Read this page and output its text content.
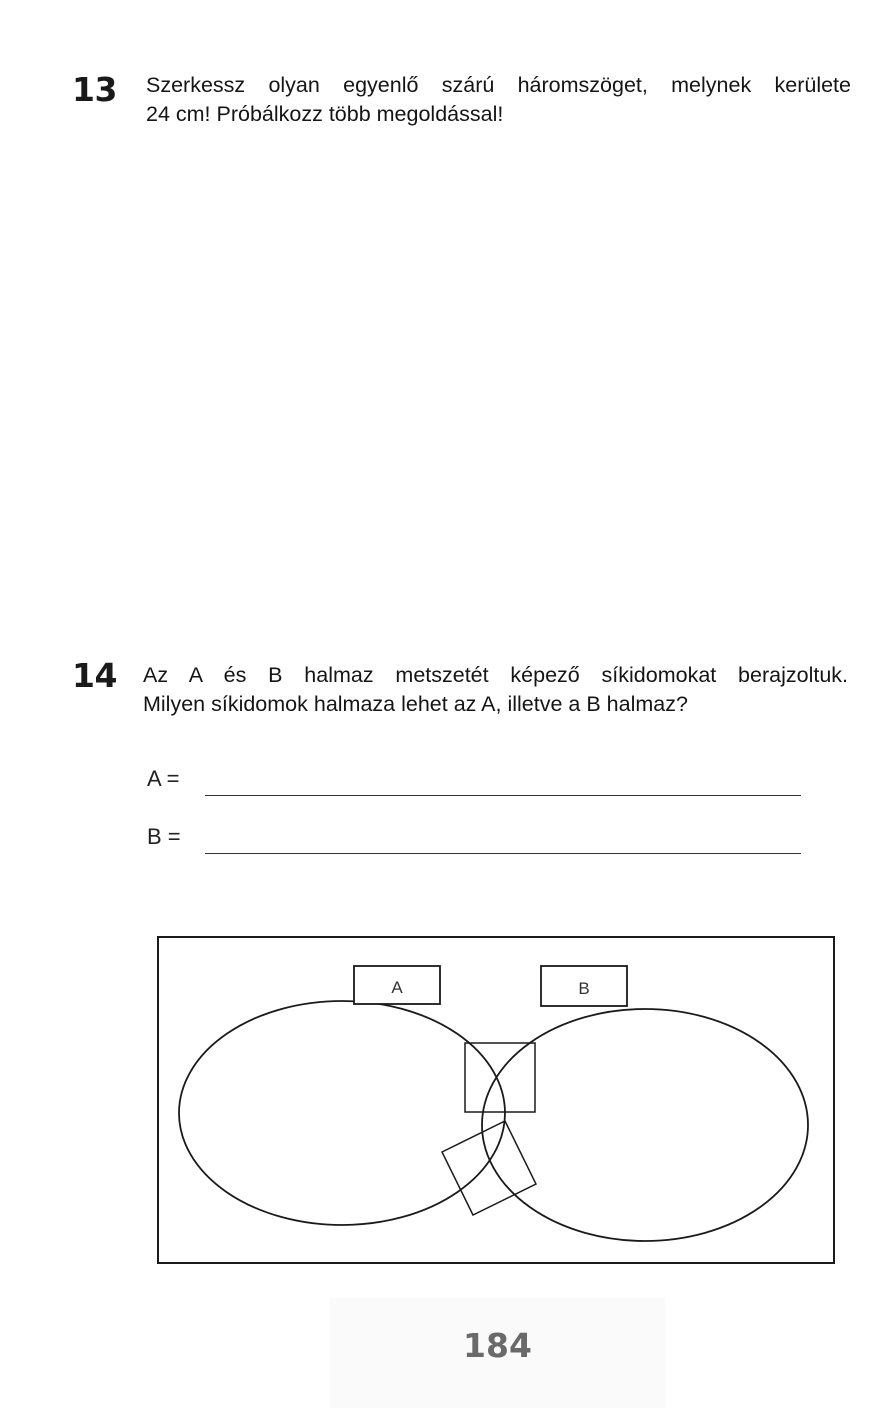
13 Szerkessz olyan egyenlő szárú háromszöget, melynek kerülete

24 cm! Próbálkozz több megoldással!

14 Az A és B halmaz metszetét képező síkidomokat berajzoltuk.

Milyen síkidomok halmaza lehet az A, illetve a B halmaz?

A =
B =
A	B
184
